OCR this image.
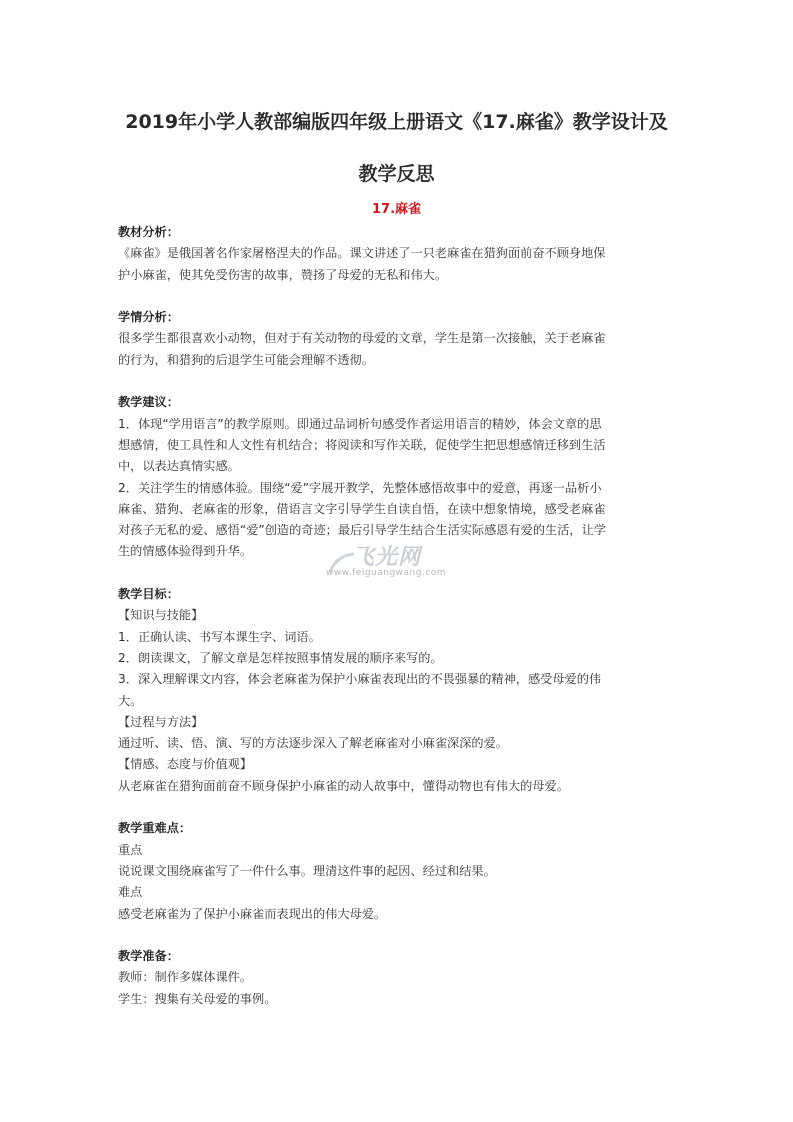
2019年小学人教部编版四年级上册语文《17.麻雀》教学设计及
教学反思
17.麻雀
教材分析：
《麻雀》是俄国著名作家屠格涅夫的作品。课文讲述了一只老麻雀在猎狗面前奋不顾身地保
护小麻雀，使其免受伤害的故事，赞扬了母爱的无私和伟大。
学情分析：
很多学生都很喜欢小动物，但对于有关动物的母爱的文章，学生是第一次接触，关于老麻雀
的行为，和猎狗的后退学生可能会理解不透彻。
教学建议：
1．体现“学用语言”的教学原则。即通过品词析句感受作者运用语言的精妙，体会文章的思
想感情，使工具性和人文性有机结合；将阅读和写作关联，促使学生把思想感情迁移到生活
中，以表达真情实感。
2．关注学生的情感体验。围绕“爱”字展开教学，先整体感悟故事中的爱意，再逐一品析小
麻雀、猎狗、老麻雀的形象，借语言文字引导学生自读自悟，在读中想象情境，感受老麻雀
对孩子无私的爱、感悟“爱”创造的奇迹；最后引导学生结合生活实际感恩有爱的生活，让学
生的情感体验得到升华。
教学目标：
【知识与技能】
1．正确认读、书写本课生字、词语。
2．朗读课文，了解文章是怎样按照事情发展的顺序来写的。
3．深入理解课文内容，体会老麻雀为保护小麻雀表现出的不畏强暴的精神，感受母爱的伟
大。
【过程与方法】
通过听、读、悟、演、写的方法逐步深入了解老麻雀对小麻雀深深的爱。
【情感、态度与价值观】
从老麻雀在猎狗面前奋不顾身保护小麻雀的动人故事中，懂得动物也有伟大的母爱。
教学重难点：
重点
说说课文围绕麻雀写了一件什么事。理清这件事的起因、经过和结果。
难点
感受老麻雀为了保护小麻雀而表现出的伟大母爱。
教学准备：
教师：制作多媒体课件。
学生：搜集有关母爱的事例。
飞光网
www.feiguangwang.com
